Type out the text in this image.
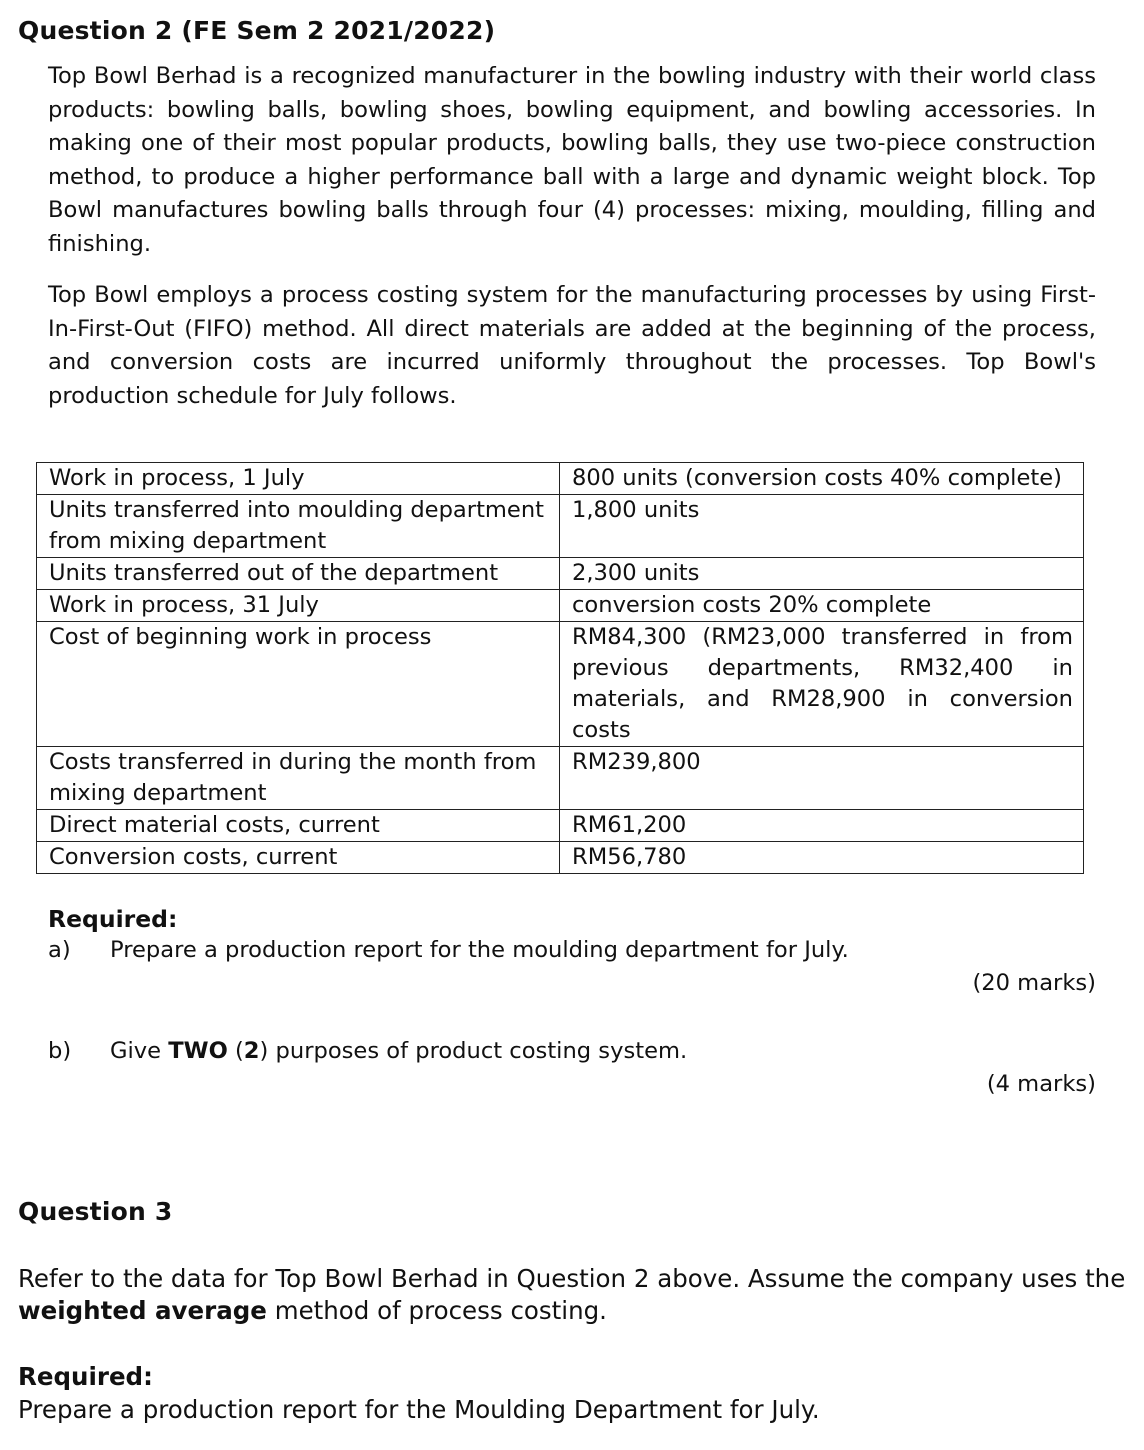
Question 2 (FE Sem 2 2021/2022)
Top Bowl Berhad is a recognized manufacturer in the bowling industry with their world class products: bowling balls, bowling shoes, bowling equipment, and bowling accessories. In making one of their most popular products, bowling balls, they use two-piece construction method, to produce a higher performance ball with a large and dynamic weight block. Top Bowl manufactures bowling balls through four (4) processes: mixing, moulding, filling and finishing.
Top Bowl employs a process costing system for the manufacturing processes by using First-In-First-Out (FIFO) method. All direct materials are added at the beginning of the process, and conversion costs are incurred uniformly throughout the processes. Top Bowl's production schedule for July follows.
Work in process, 1 July	800 units (conversion costs 40% complete)
Units transferred into moulding department from mixing department	1,800 units
Units transferred out of the department	2,300 units
Work in process, 31 July	conversion costs 20% complete
Cost of beginning work in process	RM84,300 (RM23,000 transferred in from previous departments, RM32,400 in materials, and RM28,900 in conversion costs
Costs transferred in during the month from mixing department	RM239,800
Direct material costs, current	RM61,200
Conversion costs, current	RM56,780
Required:
a) Prepare a production report for the moulding department for July.
(20 marks)
b) Give TWO (2) purposes of product costing system.
(4 marks)
Question 3
Refer to the data for Top Bowl Berhad in Question 2 above. Assume the company uses the weighted average method of process costing.
Required:
Prepare a production report for the Moulding Department for July.
